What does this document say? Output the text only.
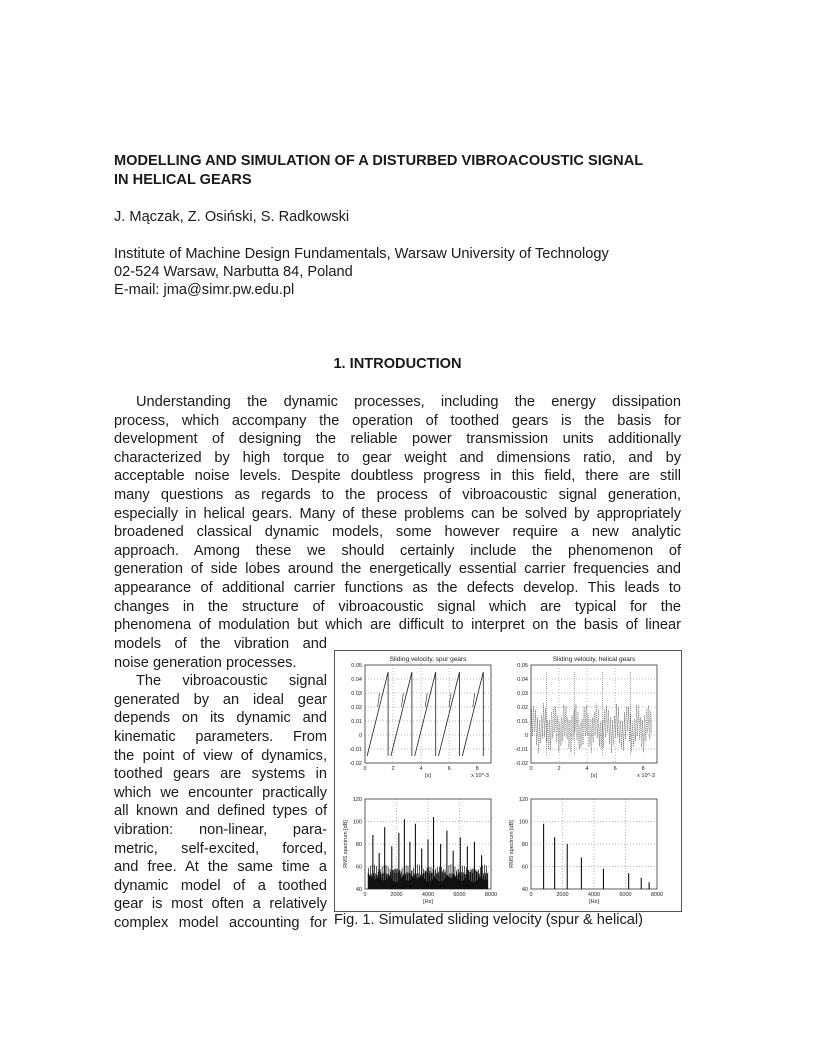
MODELLING AND SIMULATION OF A DISTURBED VIBROACOUSTIC SIGNAL
IN HELICAL GEARS
J. Mączak, Z. Osiński, S. Radkowski
Institute of Machine Design Fundamentals, Warsaw University of Technology
02-524 Warsaw, Narbutta 84, Poland
E-mail: jma@simr.pw.edu.pl
1. INTRODUCTION
Understanding the dynamic processes, including the energy dissipation
process, which accompany the operation of toothed gears is the basis for
development of designing the reliable power transmission units additionally
characterized by high torque to gear weight and dimensions ratio, and by
acceptable noise levels. Despite doubtless progress in this field, there are still
many questions as regards to the process of vibroacoustic signal generation,
especially in helical gears. Many of these problems can be solved by appropriately
broadened classical dynamic models, some however require a new analytic
approach. Among these we should certainly include the phenomenon of
generation of side lobes around the energetically essential carrier frequencies and
appearance of additional carrier functions as the defects develop. This leads to
changes in the structure of vibroacoustic signal which are typical for the
phenomena of modulation but which are difficult to interpret on the basis of linear
models of the vibration and
noise generation processes.
The vibroacoustic signal
generated by an ideal gear
depends on its dynamic and
kinematic parameters. From
the point of view of dynamics,
toothed gears are systems in
which we encounter practically
all known and defined types of
vibration: non-linear, para-
metric, self-excited, forced,
and free. At the same time a
dynamic model of a toothed
gear is most often a relatively
complex model accounting for
Sliding velocity, spur gears
0.05
0.04
0.03
0.02
0.01
0
-0.01
-0.02
0	2	4	6	8
[s]	x 10^-3
Sliding velocity, helical gears
0.05
0.04
0.03
0.02
0.01
0
-0.01
-0.02
0	2	4	6	8
[s]	x 10^-3
120
100
80
60
40
0	2000	4000	6000	8000
[Hz]
RMS spectrum [dB]
120
100
80
60
40
0	2000	4000	6000	8000
[Hz]
RMS spectrum [dB]
Fig. 1. Simulated sliding velocity (spur & helical)
